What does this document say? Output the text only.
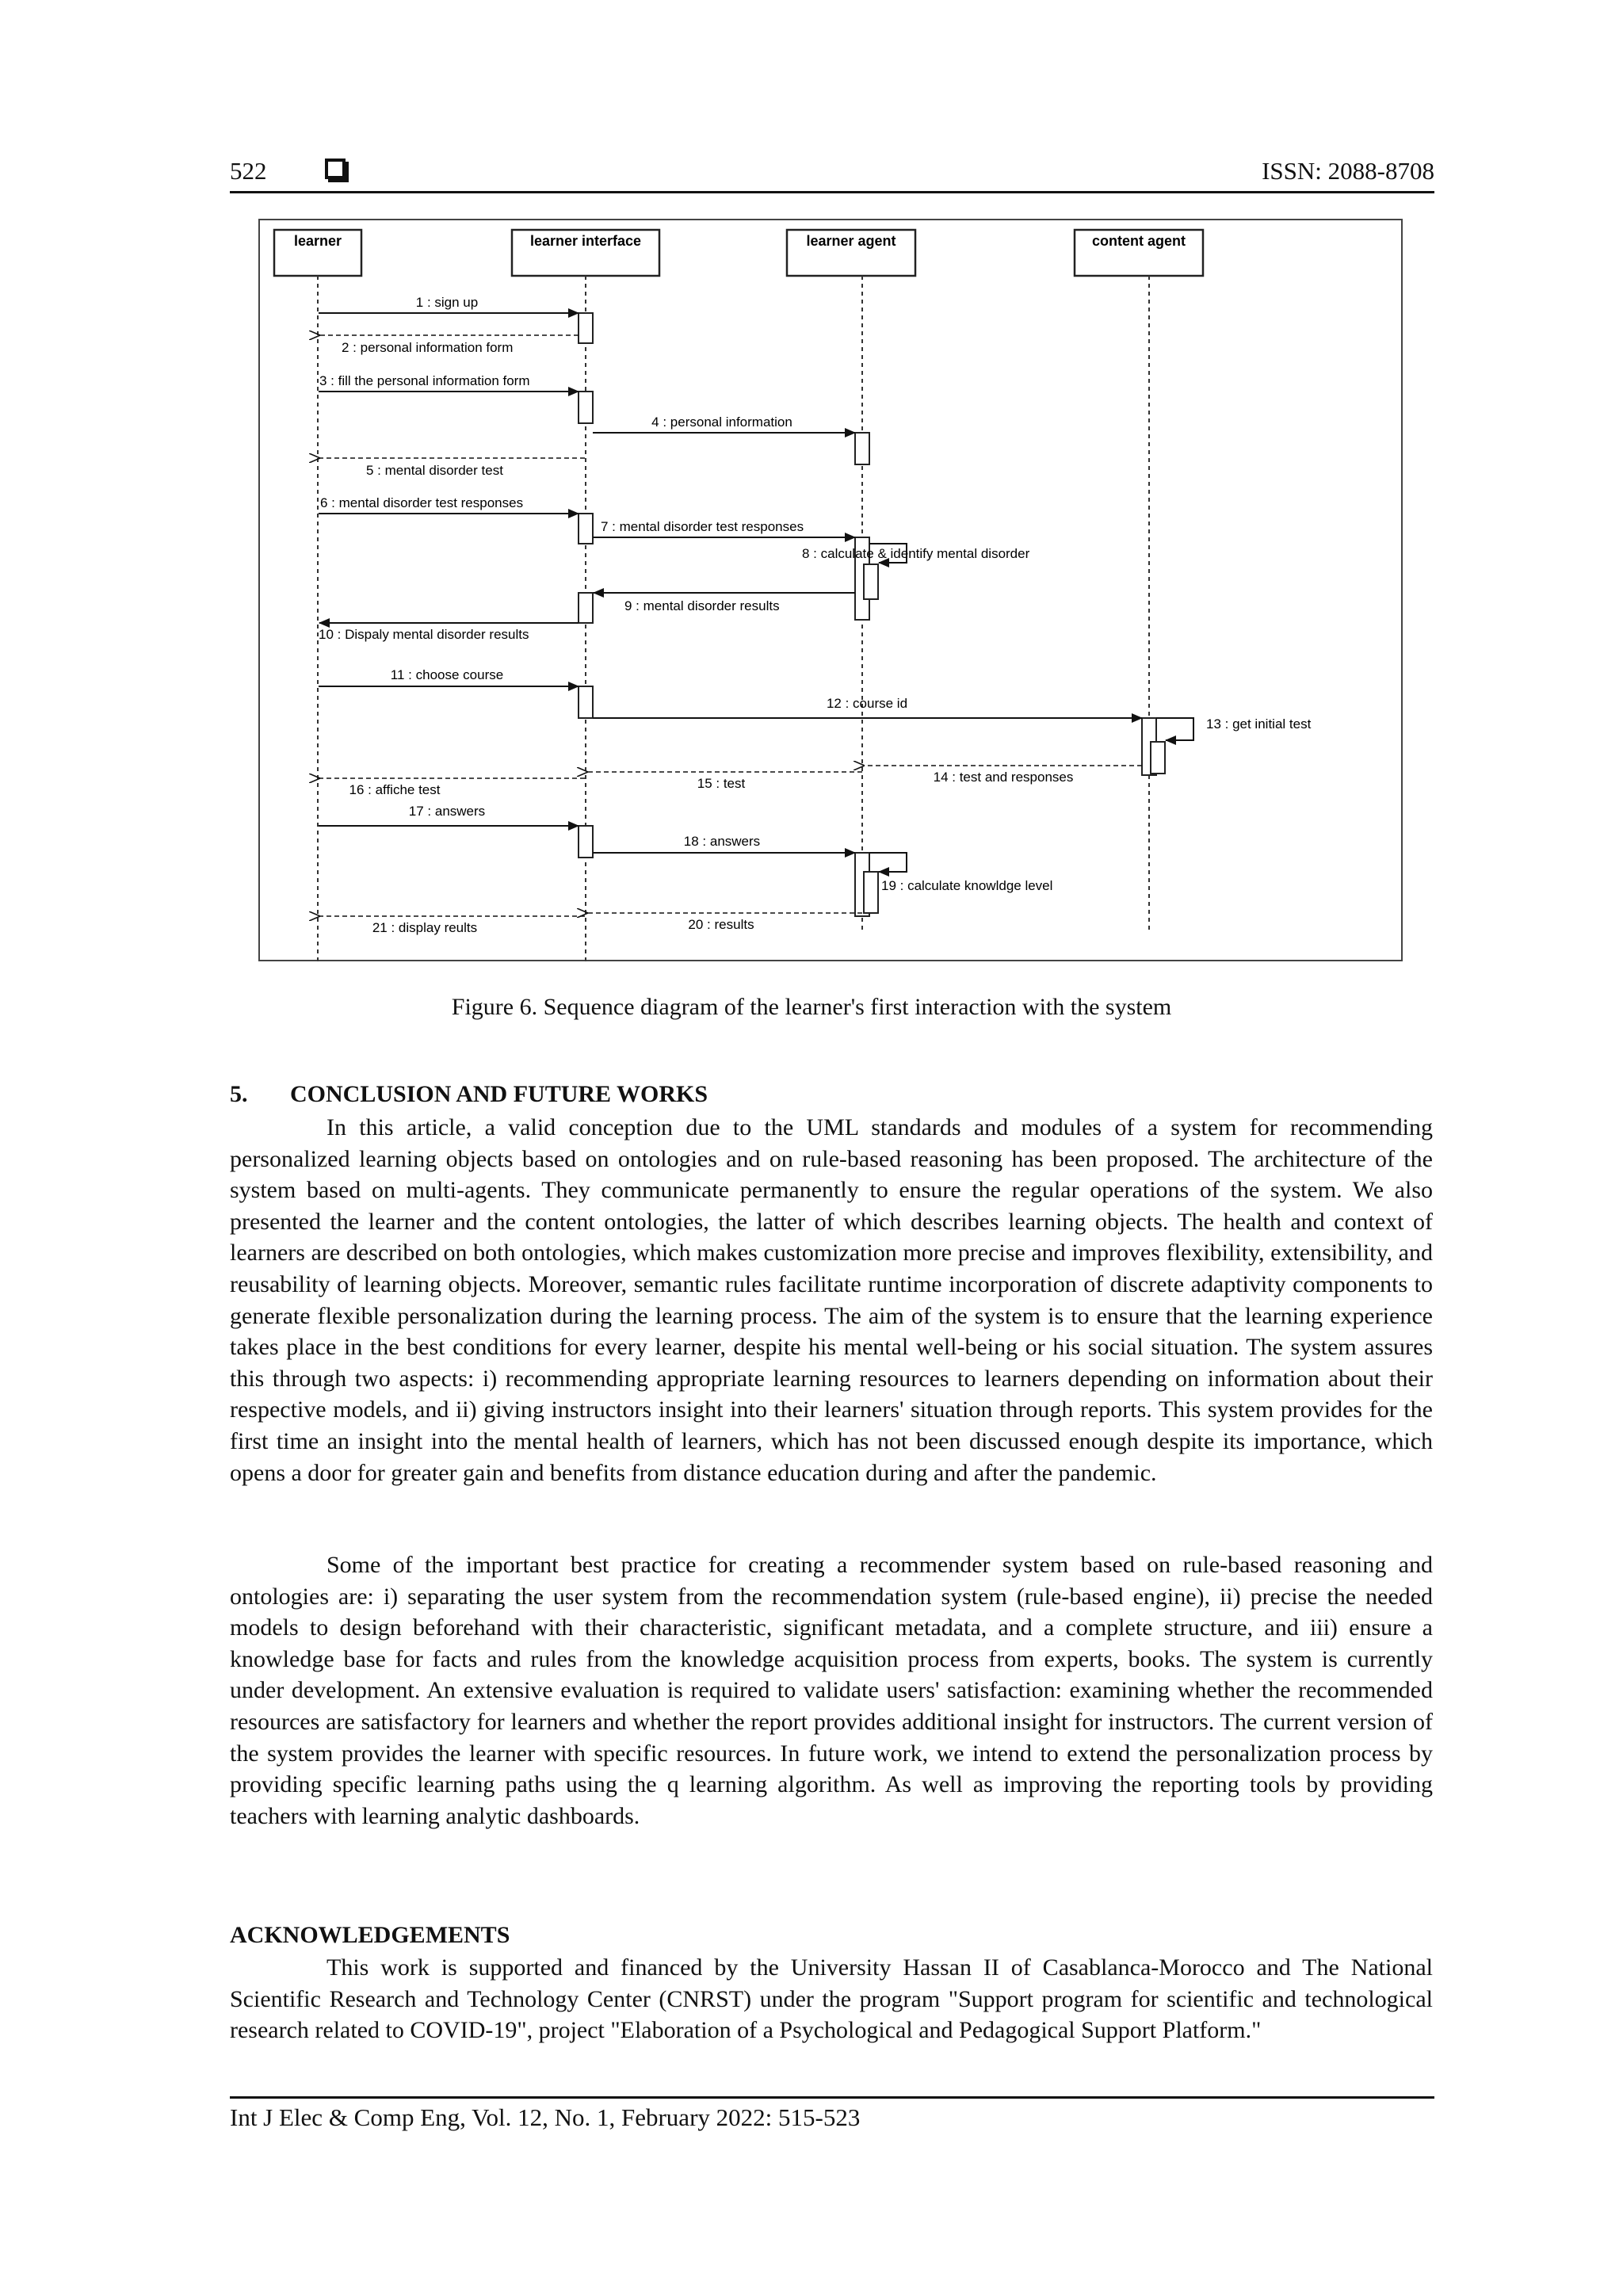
522	ISSN: 2088-8708
learner	learner interface	learner agent	content agent
1 : sign up
2 : personal information form
3 : fill the personal information form
4 : personal information
5 : mental disorder test
6 : mental disorder test responses
7 : mental disorder test responses
8 : calculate & identify mental disorder
9 : mental disorder results
10 : Dispaly mental disorder results
11 : choose course
12 : course id
13 : get initial test
14 : test and responses
15 : test
16 : affiche test
17 : answers
18 : answers
19 : calculate knowldge level
20 : results
21 : display reults
Figure 6. Sequence diagram of the learner's first interaction with the system
5. CONCLUSION AND FUTURE WORKS

In this article, a valid conception due to the UML standards and modules of a system for recommending personalized learning objects based on ontologies and on rule-based reasoning has been proposed. The architecture of the system based on multi-agents. They communicate permanently to ensure the regular operations of the system. We also presented the learner and the content ontologies, the latter of which describes learning objects. The health and context of learners are described on both ontologies, which makes customization more precise and improves flexibility, extensibility, and reusability of learning objects. Moreover, semantic rules facilitate runtime incorporation of discrete adaptivity components to generate flexible personalization during the learning process. The aim of the system is to ensure that the learning experience takes place in the best conditions for every learner, despite his mental well-being or his social situation. The system assures this through two aspects: i) recommending appropriate learning resources to learners depending on information about their respective models, and ii) giving instructors insight into their learners' situation through reports. This system provides for the first time an insight into the mental health of learners, which has not been discussed enough despite its importance, which opens a door for greater gain and benefits from distance education during and after the pandemic.

Some of the important best practice for creating a recommender system based on rule-based reasoning and ontologies are: i) separating the user system from the recommendation system (rule-based engine), ii) precise the needed models to design beforehand with their characteristic, significant metadata, and a complete structure, and iii) ensure a knowledge base for facts and rules from the knowledge acquisition process from experts, books. The system is currently under development. An extensive evaluation is required to validate users' satisfaction: examining whether the recommended resources are satisfactory for learners and whether the report provides additional insight for instructors. The current version of the system provides the learner with specific resources. In future work, we intend to extend the personalization process by providing specific learning paths using the q learning algorithm. As well as improving the reporting tools by providing teachers with learning analytic dashboards.

ACKNOWLEDGEMENTS

This work is supported and financed by the University Hassan II of Casablanca-Morocco and The National Scientific Research and Technology Center (CNRST) under the program "Support program for scientific and technological research related to COVID-19", project "Elaboration of a Psychological and Pedagogical Support Platform."

Int J Elec & Comp Eng, Vol. 12, No. 1, February 2022: 515-523
